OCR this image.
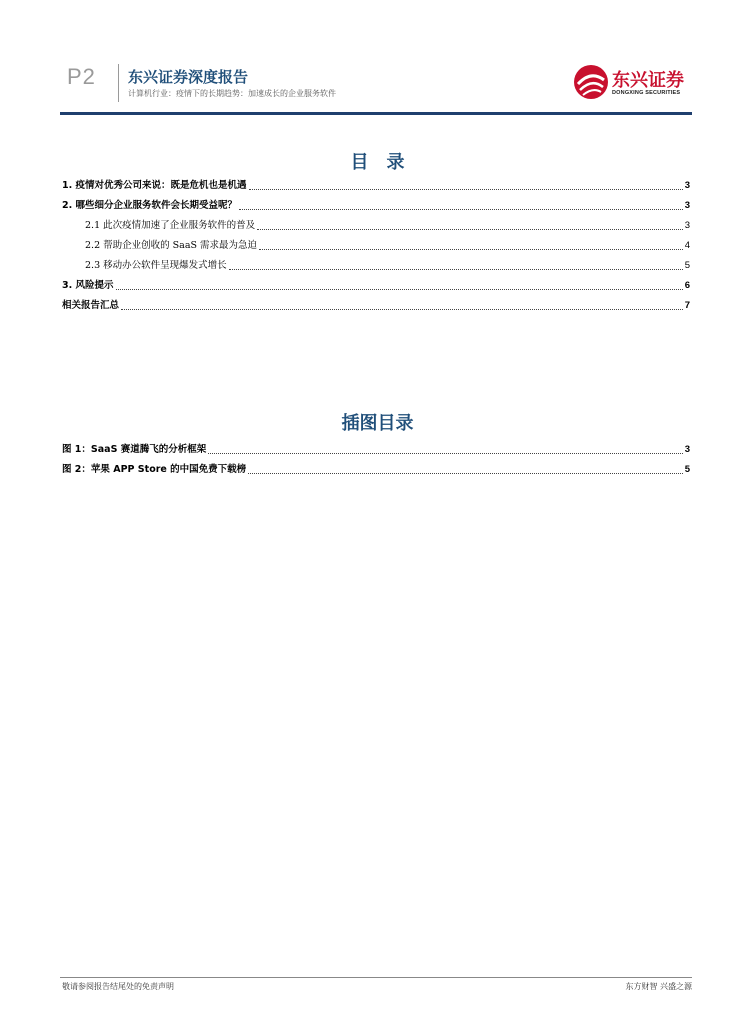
P2 东兴证券深度报告
计算机行业：疫情下的长期趋势：加速成长的企业服务软件
东兴证券
DONGXING SECURITIES
目　录
1. 疫情对优秀公司来说：既是危机也是机遇	3
2. 哪些细分企业服务软件会长期受益呢？	3
2.1 此次疫情加速了企业服务软件的普及	3
2.2 帮助企业创收的 SaaS 需求最为急迫	4
2.3 移动办公软件呈现爆发式增长	5
3. 风险提示	6
相关报告汇总	7
插图目录
图 1：SaaS 赛道腾飞的分析框架	3
图 2：苹果 APP Store 的中国免费下载榜	5
敬请参阅报告结尾处的免责声明	东方财智 兴盛之源
